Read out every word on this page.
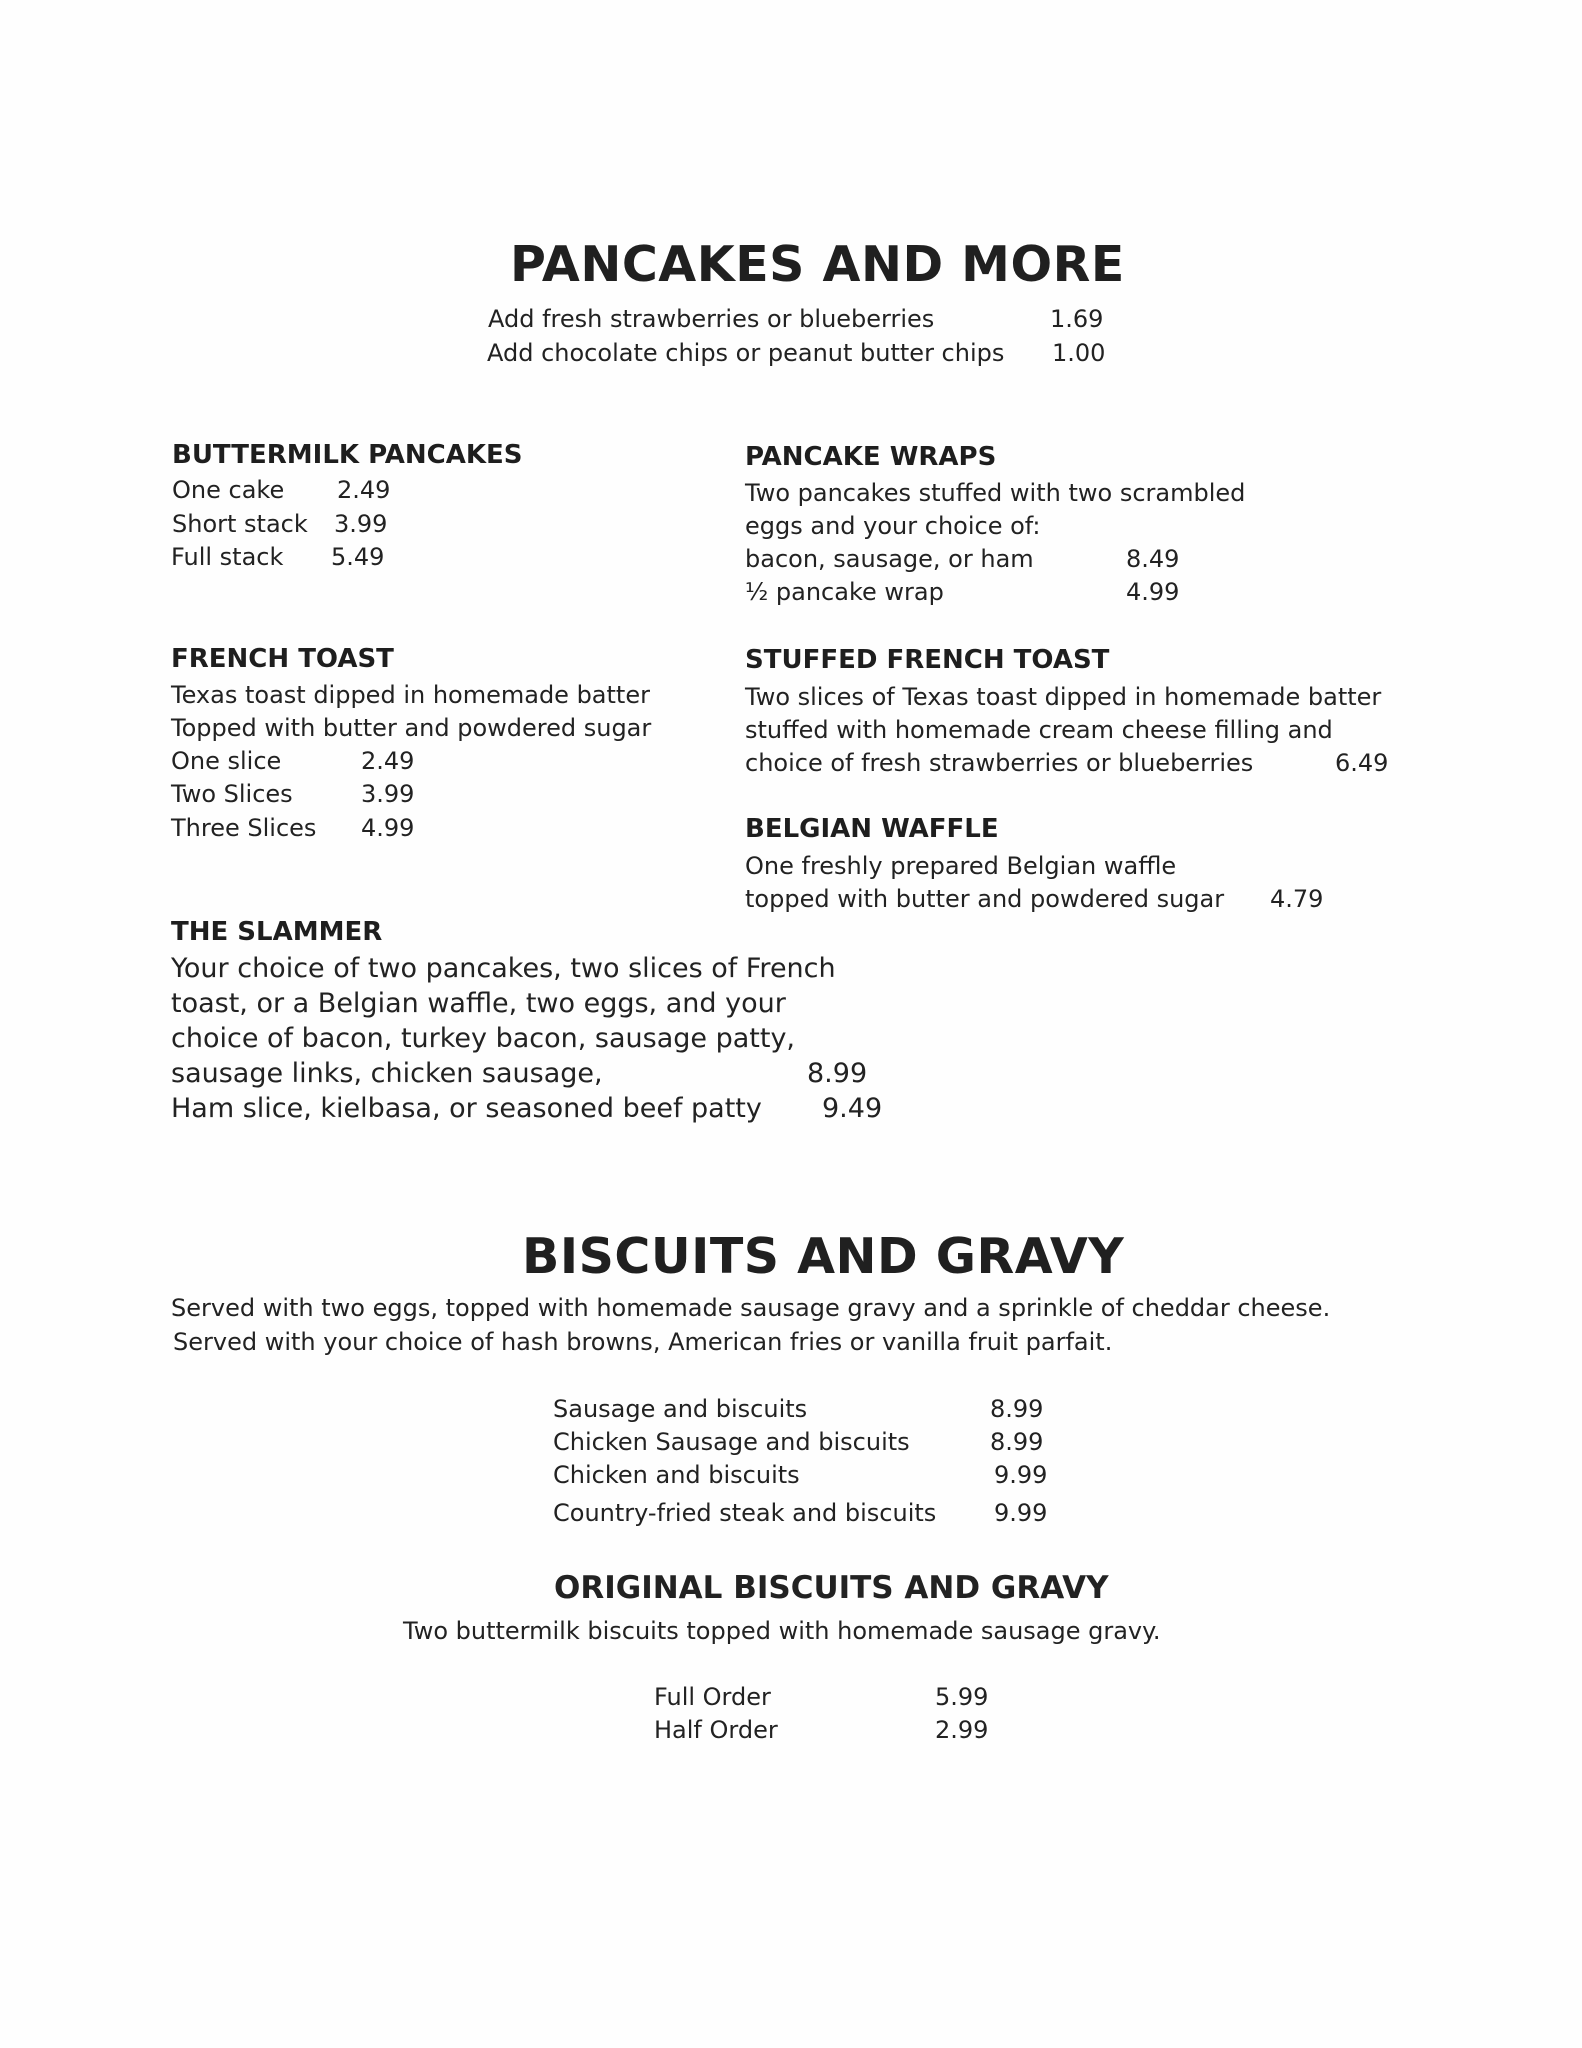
PANCAKES AND MORE
Add fresh strawberries or blueberries	1.69
Add chocolate chips or peanut butter chips 1.00
BUTTERMILK PANCAKES
One cake 2.49
Short stack 3.99
Full stack 5.49
PANCAKE WRAPS
Two pancakes stuffed with two scrambled
eggs and your choice of:
bacon, sausage, or ham	8.49
½ pancake wrap	4.99
FRENCH TOAST
Texas toast dipped in homemade batter
Topped with butter and powdered sugar
One slice	2.49
Two Slices	3.99
Three Slices 4.99
STUFFED FRENCH TOAST
Two slices of Texas toast dipped in homemade batter
stuffed with homemade cream cheese filling and
choice of fresh strawberries or blueberries	6.49
BELGIAN WAFFLE
One freshly prepared Belgian waffle
topped with butter and powdered sugar 4.79
THE SLAMMER
Your choice of two pancakes, two slices of French
toast, or a Belgian waffle, two eggs, and your
choice of bacon, turkey bacon, sausage patty,
sausage links, chicken sausage,	8.99
Ham slice, kielbasa, or seasoned beef patty 9.49
BISCUITS AND GRAVY
Served with two eggs, topped with homemade sausage gravy and a sprinkle of cheddar cheese.
Served with your choice of hash browns, American fries or vanilla fruit parfait.
Sausage and biscuits	8.99
Chicken Sausage and biscuits	8.99
Chicken and biscuits	9.99
Country-fried steak and biscuits 9.99
ORIGINAL BISCUITS AND GRAVY
Two buttermilk biscuits topped with homemade sausage gravy.
Full Order	5.99
Half Order	2.99
